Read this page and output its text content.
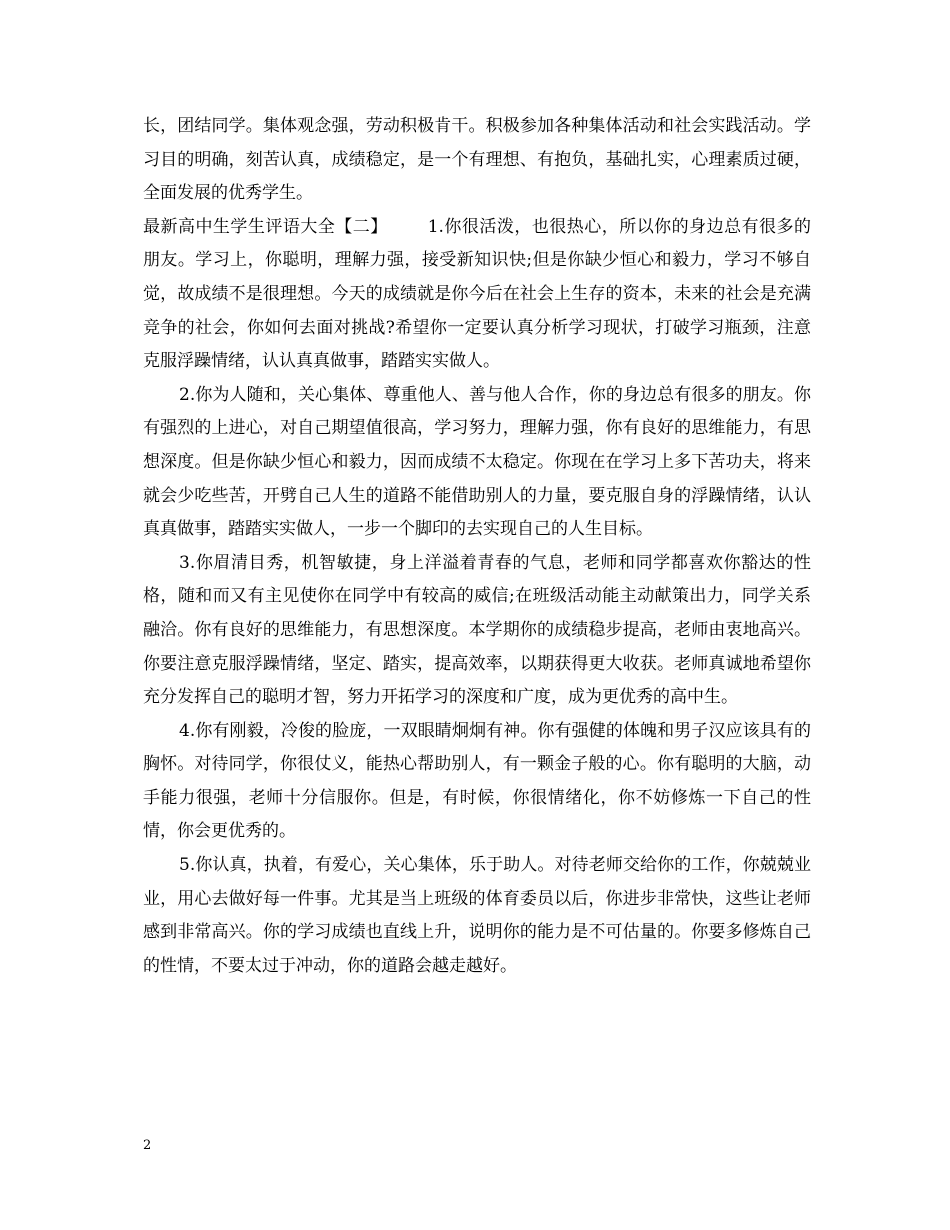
长，团结同学。集体观念强，劳动积极肯干。积极参加各种集体活动和社会实践活动。学习目的明确，刻苦认真，成绩稳定，是一个有理想、有抱负，基础扎实，心理素质过硬，全面发展的优秀学生。

最新高中生学生评语大全【二】 1.你很活泼，也很热心，所以你的身边总有很多的朋友。学习上，你聪明，理解力强，接受新知识快;但是你缺少恒心和毅力，学习不够自觉，故成绩不是很理想。今天的成绩就是你今后在社会上生存的资本，未来的社会是充满竞争的社会，你如何去面对挑战?希望你一定要认真分析学习现状，打破学习瓶颈，注意克服浮躁情绪，认认真真做事，踏踏实实做人。

2.你为人随和，关心集体、尊重他人、善与他人合作，你的身边总有很多的朋友。你有强烈的上进心，对自己期望值很高，学习努力，理解力强，你有良好的思维能力，有思想深度。但是你缺少恒心和毅力，因而成绩不太稳定。你现在在学习上多下苦功夫，将来就会少吃些苦，开劈自己人生的道路不能借助别人的力量，要克服自身的浮躁情绪，认认真真做事，踏踏实实做人，一步一个脚印的去实现自己的人生目标。

3.你眉清目秀，机智敏捷，身上洋溢着青春的气息，老师和同学都喜欢你豁达的性格，随和而又有主见使你在同学中有较高的威信;在班级活动能主动献策出力，同学关系融洽。你有良好的思维能力，有思想深度。本学期你的成绩稳步提高，老师由衷地高兴。你要注意克服浮躁情绪，坚定、踏实，提高效率，以期获得更大收获。老师真诚地希望你充分发挥自己的聪明才智，努力开拓学习的深度和广度，成为更优秀的高中生。

4.你有刚毅，冷俊的脸庞，一双眼睛炯炯有神。你有强健的体魄和男子汉应该具有的胸怀。对待同学，你很仗义，能热心帮助别人，有一颗金子般的心。你有聪明的大脑，动手能力很强，老师十分信服你。但是，有时候，你很情绪化，你不妨修炼一下自己的性情，你会更优秀的。

5.你认真，执着，有爱心，关心集体，乐于助人。对待老师交给你的工作，你兢兢业业，用心去做好每一件事。尤其是当上班级的体育委员以后，你进步非常快，这些让老师感到非常高兴。你的学习成绩也直线上升，说明你的能力是不可估量的。你要多修炼自己的性情，不要太过于冲动，你的道路会越走越好。

2
